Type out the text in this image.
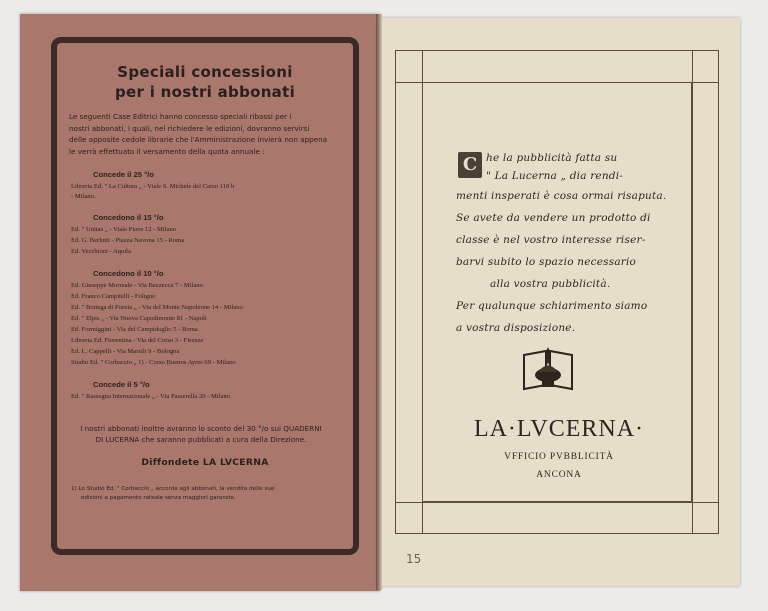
Speciali concessioni
per i nostri abbonati
Le seguenti Case Editrici hanno concesso speciali ribassi per i
nostri abbonati, i quali, nel richiedere le edizioni, dovranno servirsi
delle apposite cedole librarie che l'Amministrazione invierà non appena
le verrà effettuato il versamento della quota annuale :
Concede il 25 °/o
Libreria Ed. " La Cultura „ - Viale S. Michele del Carso 110 b
- Milano.
Concedono il 15 °/o
Ed. " Unitas „ - Viale Piave 12 - Milano
Ed. G. Berlutti - Piazza Navona 15 - Roma
Ed. Vecchioni - Aquila
Concedono il 10 °/o
Ed. Giuseppe Morreale - Via Bezzecca 7 - Milano
Ed. Franco Campitelli - Foligno
Ed. " Bottega di Poesia „ - Via del Monte Napoleone 14 - Milano
Ed. " Elpis „ - Via Nuova Capodimonte 81 - Napoli
Ed. Formiggini - Via del Campidoglio 5 - Roma
Libreria Ed. Fiorentina - Via del Corso 3 - Firenze
Ed. L. Cappelli - Via Marsili 9 - Bologna
Studio Ed. " Corbaccio „ 1) - Corso Buenos Ayres 69 - Milano
Concede il 5 °/o
Ed. " Rassegna Internazionale „ - Via Passerella 20 - Milano
I nostri abbonati inoltre avranno lo sconto del 30 °/o sui QUADERNI
DI LUCERNA che saranno pubblicati a cura della Direzione.
Diffondete LA LVCERNA
1) Lo Studio Ed. " Corbaccio „ accorda agli abbonati, la vendita delle sue
edizioni a pagamento rateale senza maggiori garanzie.
C he la pubblicità fatta su
" La Lucerna „ dia rendi-
menti insperati è cosa ormai risaputa.
Se avete da vendere un prodotto di
classe è nel vostro interesse riser-
barvi subito lo spazio necessario
alla vostra pubblicità.
Per qualunque schiarimento siamo
a vostra disposizione.
LA·LVCERNA·
VFFICIO PVBBLICITÀ
ANCONA
15
